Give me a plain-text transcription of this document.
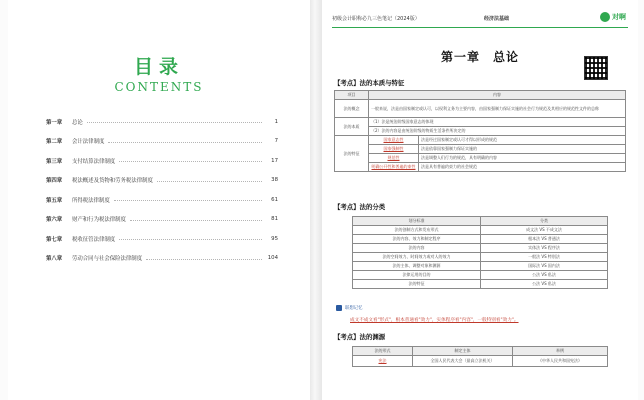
目录
CONTENTS
第一章	总论	1
第二章	会计法律制度	7
第三章	支付结算法律制度	17
第四章	税法概述及货物和劳务税法律制度	38
第五章	所得税法律制度	61
第六章	财产和行为税法律制度	81
第七章	税收征管法律制度	95
第八章	劳动合同与社会保险法律制度	104
初级会计职称必九三色笔记（2024版）	经济法基础	对啊
第一章　总论
【考点】法的本质与特征
项目	内容	
法的概念	一般来说，法是由国家制定或认可，以权利义务为主要内容，由国家强制力保证实施的社会行为规范及其相应的规范性文件的总称	
法的本质	（1）法是统治阶级国家意志的体现	
	（2）法的内容是由统治阶级的物质生活条件所决定的	
法的特征	国家意志性	法是经过国家制定或认可才得以形成的规范
	国家强制性	法是依靠国家强制力保证实施的
	规范性	法是调整人们行为的规范，具有明确的内容
	明确公开性和普遍约束性	法是具有普遍约束力的社会规范
【考点】法的分类
划分标准	分类
法的创制方式和发布形式	成文法 VS 不成文法
法的内容、效力和制定程序	根本法 VS 普通法
法的内容	实体法 VS 程序法
法的空间效力、时间效力或对人的效力	一般法 VS 特别法
法的主体、调整对象和渊源	国际法 VS 国内法
法律运用的目的	公法 VS 私法
法的特征	公法 VS 私法
联想记忆
成文不成文看"形式"，根本普通看"效力"，实体程序看"内容"，一般特别看"效力"。
【考点】法的渊源
法的形式	制定主体	举例
宪法	全国人民代表大会（最高立法机关）	《中华人民共和国宪法》
